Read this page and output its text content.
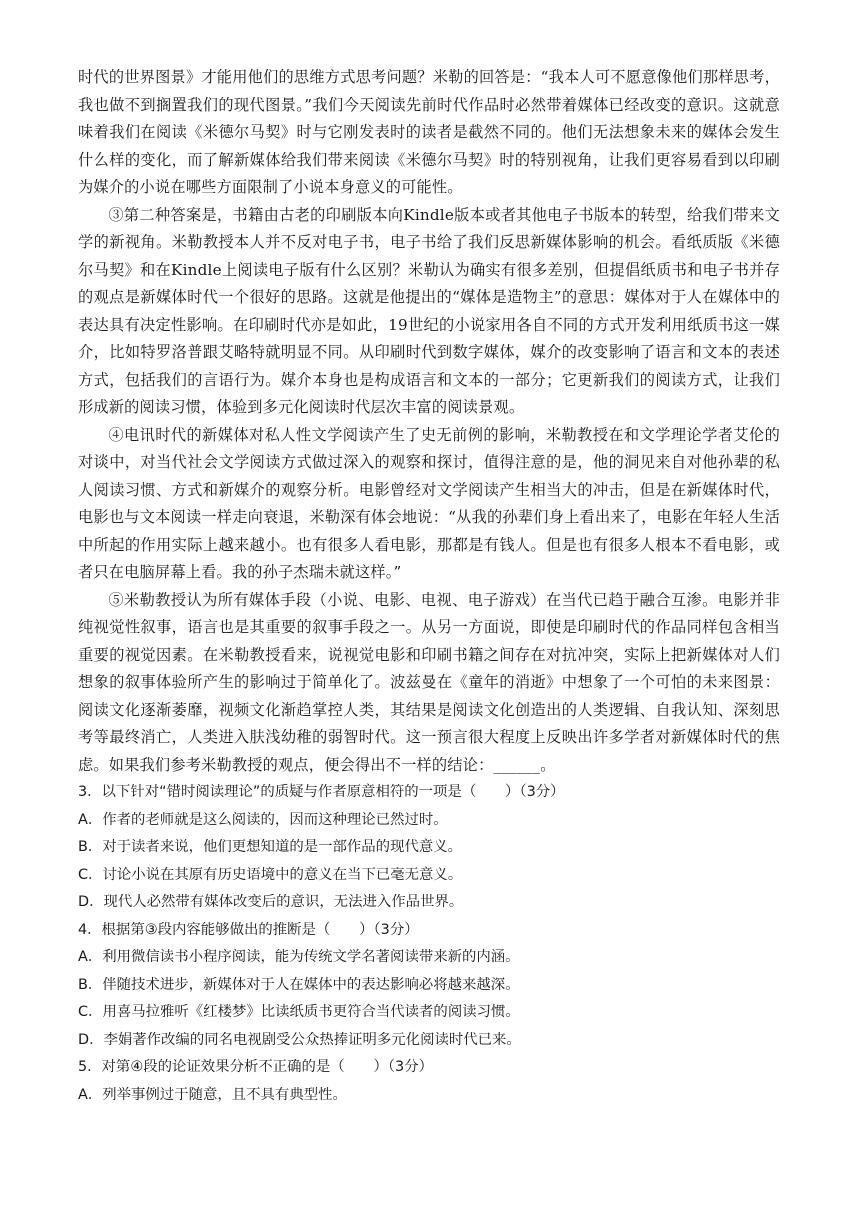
时代的世界图景》才能用他们的思维方式思考问题？米勒的回答是：“我本人可不愿意像他们那样思考，我也做不到搁置我们的现代图景。”我们今天阅读先前时代作品时必然带着媒体已经改变的意识。这就意味着我们在阅读《米德尔马契》时与它刚发表时的读者是截然不同的。他们无法想象未来的媒体会发生什么样的变化，而了解新媒体给我们带来阅读《米德尔马契》时的特别视角，让我们更容易看到以印刷为媒介的小说在哪些方面限制了小说本身意义的可能性。

③第二种答案是，书籍由古老的印刷版本向Kindle版本或者其他电子书版本的转型，给我们带来文学的新视角。米勒教授本人并不反对电子书，电子书给了我们反思新媒体影响的机会。看纸质版《米德尔马契》和在Kindle上阅读电子版有什么区别？米勒认为确实有很多差别，但提倡纸质书和电子书并存的观点是新媒体时代一个很好的思路。这就是他提出的“媒体是造物主”的意思：媒体对于人在媒体中的表达具有决定性影响。在印刷时代亦是如此，19世纪的小说家用各自不同的方式开发利用纸质书这一媒介，比如特罗洛普跟艾略特就明显不同。从印刷时代到数字媒体，媒介的改变影响了语言和文本的表述方式，包括我们的言语行为。媒介本身也是构成语言和文本的一部分；它更新我们的阅读方式，让我们形成新的阅读习惯，体验到多元化阅读时代层次丰富的阅读景观。

④电讯时代的新媒体对私人性文学阅读产生了史无前例的影响，米勒教授在和文学理论学者艾伦的对谈中，对当代社会文学阅读方式做过深入的观察和探讨，值得注意的是，他的洞见来自对他孙辈的私人阅读习惯、方式和新媒介的观察分析。电影曾经对文学阅读产生相当大的冲击，但是在新媒体时代，电影也与文本阅读一样走向衰退，米勒深有体会地说：“从我的孙辈们身上看出来了，电影在年轻人生活中所起的作用实际上越来越小。也有很多人看电影，那都是有钱人。但是也有很多人根本不看电影，或者只在电脑屏幕上看。我的孙子杰瑞未就这样。”

⑤米勒教授认为所有媒体手段（小说、电影、电视、电子游戏）在当代已趋于融合互渗。电影并非纯视觉性叙事，语言也是其重要的叙事手段之一。从另一方面说，即使是印刷时代的作品同样包含相当重要的视觉因素。在米勒教授看来，说视觉电影和印刷书籍之间存在对抗冲突，实际上把新媒体对人们想象的叙事体验所产生的影响过于简单化了。波兹曼在《童年的消逝》中想象了一个可怕的未来图景：阅读文化逐渐萎靡，视频文化渐趋掌控人类，其结果是阅读文化创造出的人类逻辑、自我认知、深刻思考等最终消亡，人类进入肤浅幼稚的弱智时代。这一预言很大程度上反映出许多学者对新媒体时代的焦虑。如果我们参考米勒教授的观点，便会得出不一样的结论：______。

3．以下针对“错时阅读理论”的质疑与作者原意相符的一项是（　　）（3分）

A．作者的老师就是这么阅读的，因而这种理论已然过时。

B．对于读者来说，他们更想知道的是一部作品的现代意义。

C．讨论小说在其原有历史语境中的意义在当下已毫无意义。

D．现代人必然带有媒体改变后的意识，无法进入作品世界。

4．根据第③段内容能够做出的推断是（　　）（3分）

A．利用微信读书小程序阅读，能为传统文学名著阅读带来新的内涵。

B．伴随技术进步，新媒体对于人在媒体中的表达影响必将越来越深。

C．用喜马拉雅听《红楼梦》比读纸质书更符合当代读者的阅读习惯。

D．李娟著作改编的同名电视剧受公众热捧证明多元化阅读时代已来。

5．对第④段的论证效果分析不正确的是（　　）（3分）

A．列举事例过于随意，且不具有典型性。
